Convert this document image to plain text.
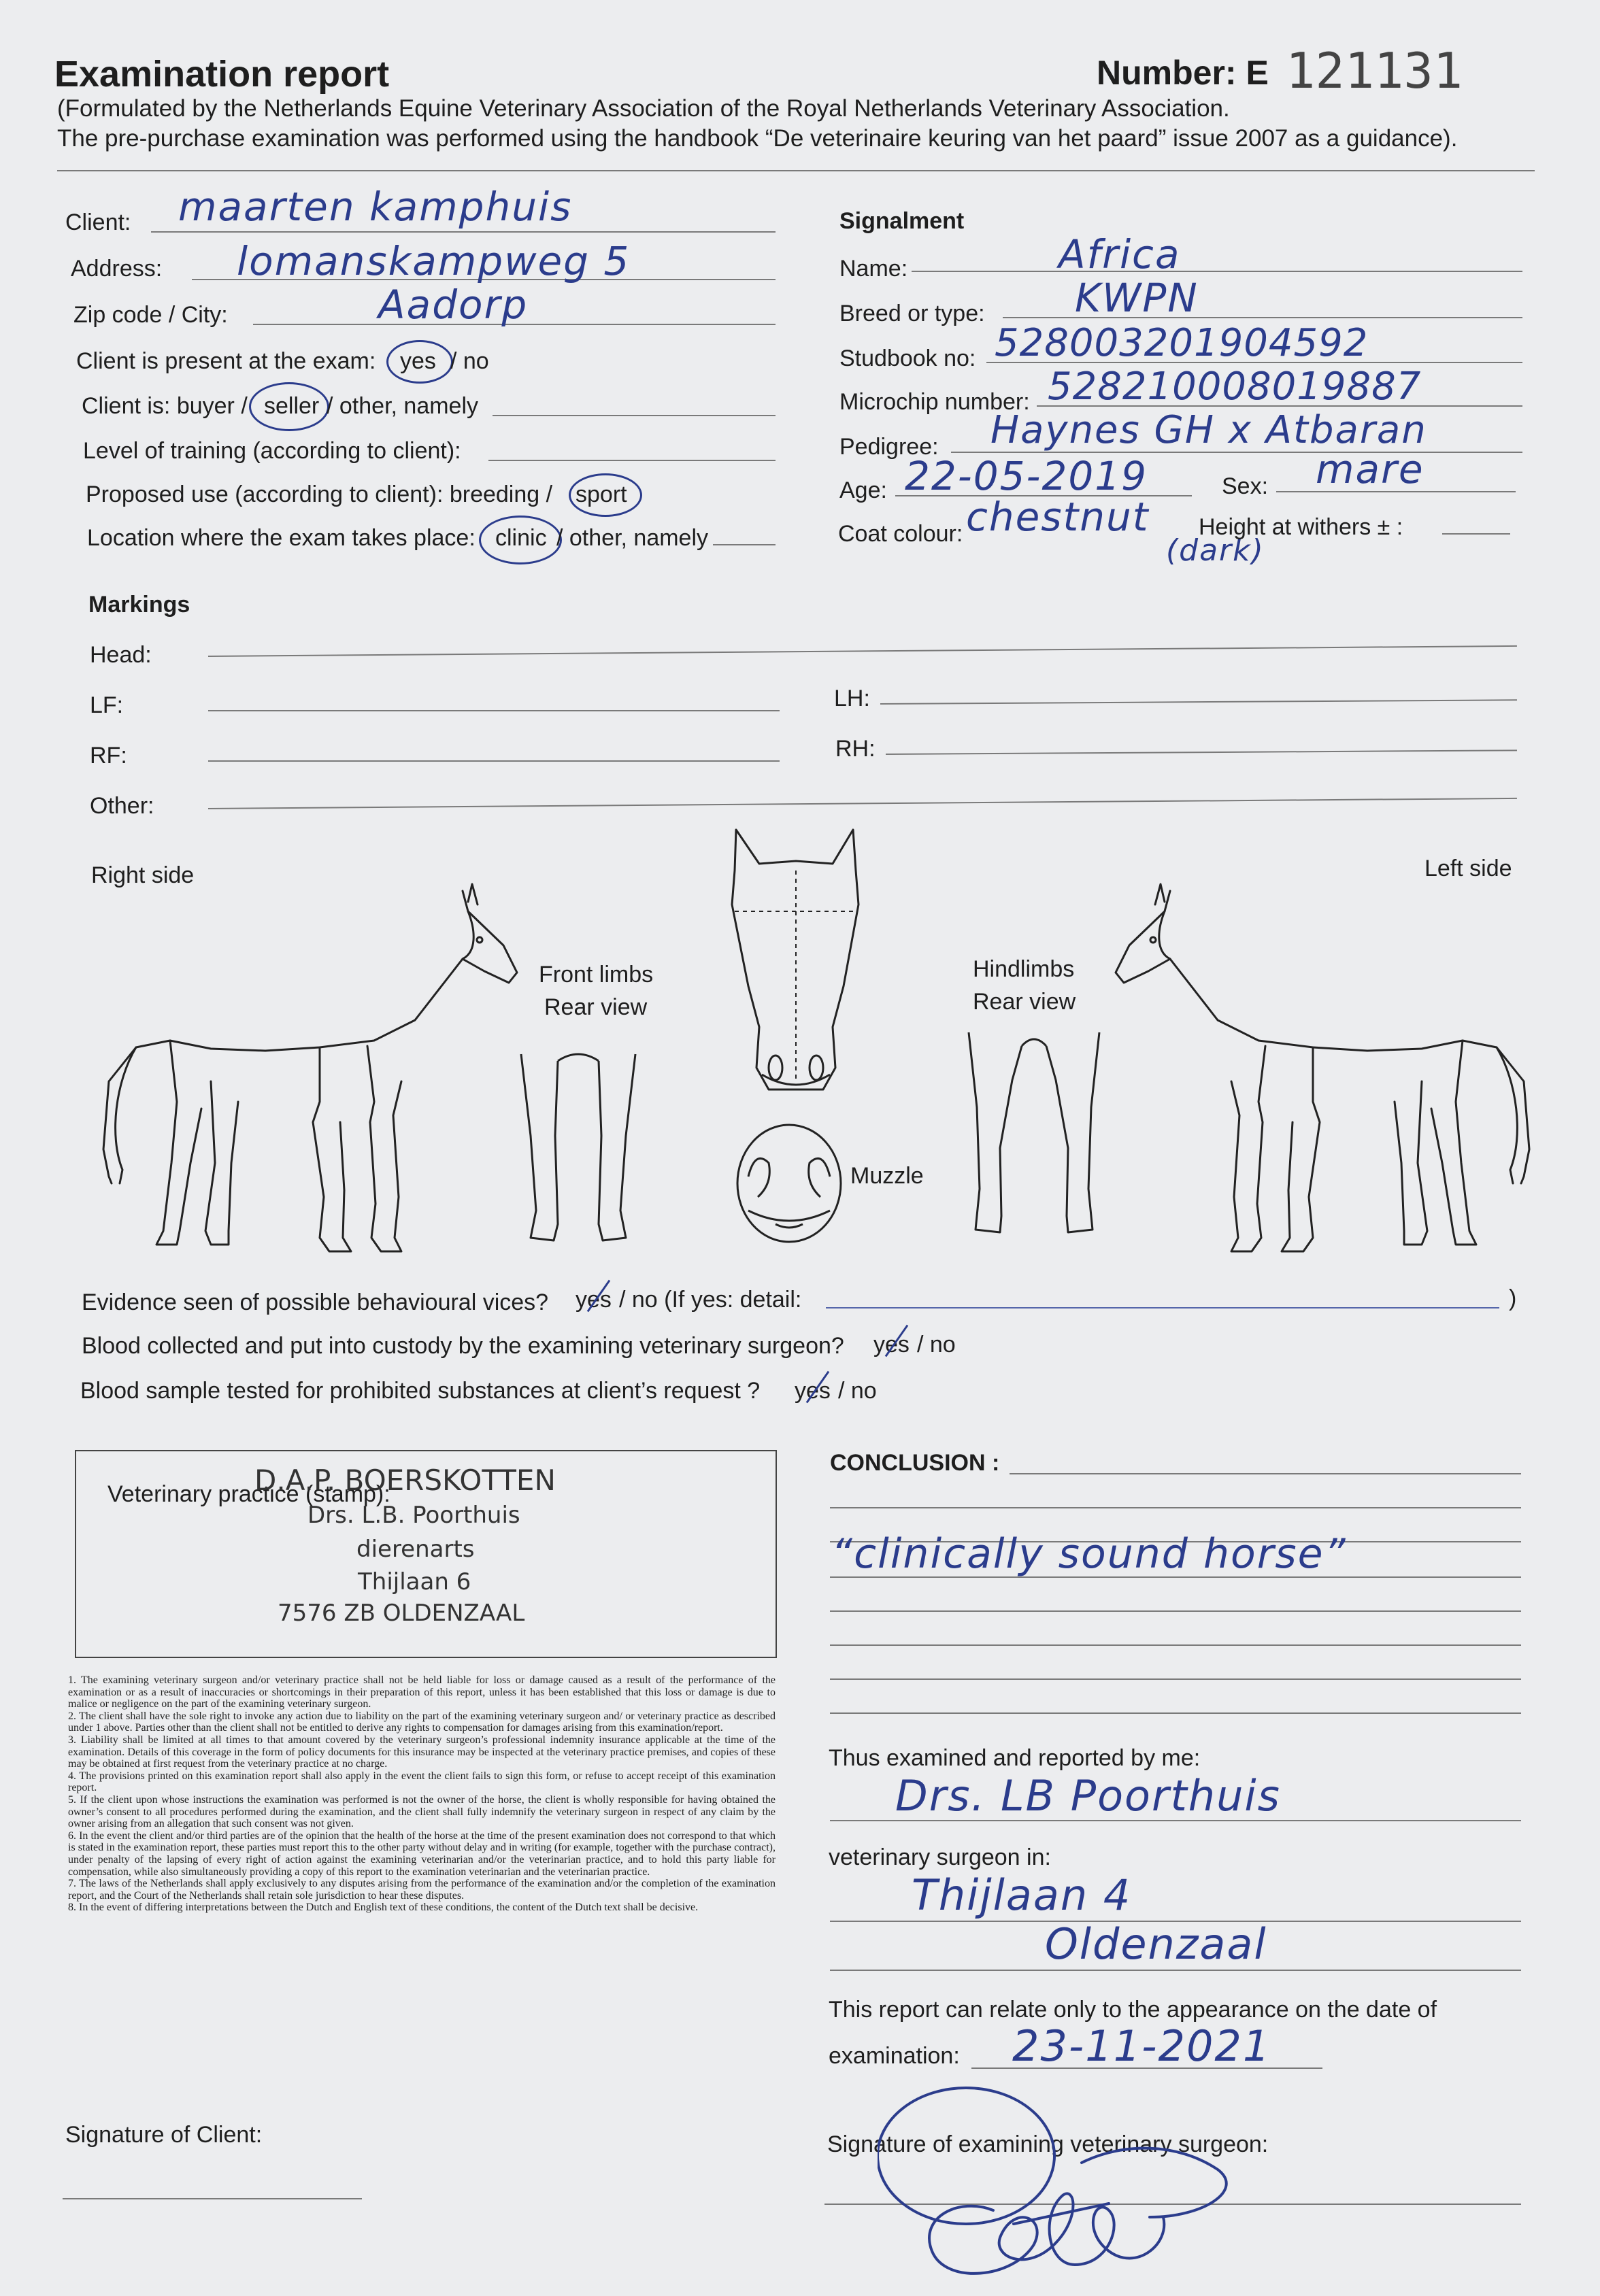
Examination report	Number: E 121131
(Formulated by the Netherlands Equine Veterinary Association of the Royal Netherlands Veterinary Association.
The pre-purchase examination was performed using the handbook “De veterinaire keuring van het paard” issue 2007 as a guidance).
Client: maarten kamphuis
Address: lomanskampweg 5
Zip code / City:	Aadorp
Client is present at the exam: yes / no
Client is: buyer / seller / other, namely
Level of training (according to client):
Proposed use (according to client): breeding / sport
Location where the exam takes place: clinic / other, namely
Signalment
Name:	Africa
Breed or type: KWPN
Studbook no: 528003201904592
Microchip number: 528210008019887
Pedigree: Haynes GH x Atbaran
Age: 22-05-2019	Sex: mare
Coat colour: chestnut
(dark)
Height at withers ± :
Markings
Head:
LF:	LH:
RF:	RH:
Other:
Right side	Left side
Front limbs
Rear view
Hindlimbs
Rear view
Muzzle
Evidence seen of possible behavioural vices? yes / no (If yes: detail:	)
Blood collected and put into custody by the examining veterinary surgeon? yes / no
Blood sample tested for prohibited substances at client’s request ? yes / no
Veterinary practice (stamp):
D.A.P. BOERSKOTTEN
Drs. L.B. Poorthuis
dierenarts
Thijlaan 6
7576 ZB OLDENZAAL

1. The examining veterinary surgeon and/or veterinary practice shall not be held liable for loss or damage caused as a result of the performance of the examination or as a result of inaccuracies or shortcomings in their preparation of this report, unless it has been established that this loss or damage is due to malice or negligence on the part of the examining veterinary surgeon.

2. The client shall have the sole right to invoke any action due to liability on the part of the examining veterinary surgeon and/ or veterinary practice as described under 1 above. Parties other than the client shall not be entitled to derive any rights to compensation for damages arising from this examination/report.

3. Liability shall be limited at all times to that amount covered by the veterinary surgeon’s professional indemnity insurance applicable at the time of the examination. Details of this coverage in the form of policy documents for this insurance may be inspected at the veterinary practice premises, and copies of these may be obtained at first request from the veterinary practice at no charge.

4. The provisions printed on this examination report shall also apply in the event the client fails to sign this form, or refuse to accept receipt of this examination report.

5. If the client upon whose instructions the examination was performed is not the owner of the horse, the client is wholly responsible for having obtained the owner’s consent to all procedures performed during the examination, and the client shall fully indemnify the veterinary surgeon in respect of any claim by the owner arising from an allegation that such consent was not given.

6. In the event the client and/or third parties are of the opinion that the health of the horse at the time of the present examination does not correspond to that which is stated in the examination report, these parties must report this to the other party without delay and in writing (for example, together with the purchase contract), under penalty of the lapsing of every right of action against the examining veterinarian and/or the veterinarian practice, and to hold this party liable for compensation, while also simultaneously providing a copy of this report to the examination veterinarian and the veterinarian practice.

7. The laws of the Netherlands shall apply exclusively to any disputes arising from the performance of the examination and/or the completion of the examination report, and the Court of the Netherlands shall retain sole jurisdiction to hear these disputes.

8. In the event of differing interpretations between the Dutch and English text of these conditions, the content of the Dutch text shall be decisive.

Signature of Client:
CONCLUSION :
“clinically sound horse”
Thus examined and reported by me:
Drs. LB Poorthuis
veterinary surgeon in:
Thijlaan 4
Oldenzaal
This report can relate only to the appearance on the date of
examination: 23-11-2021
Signature of examining veterinary surgeon:
